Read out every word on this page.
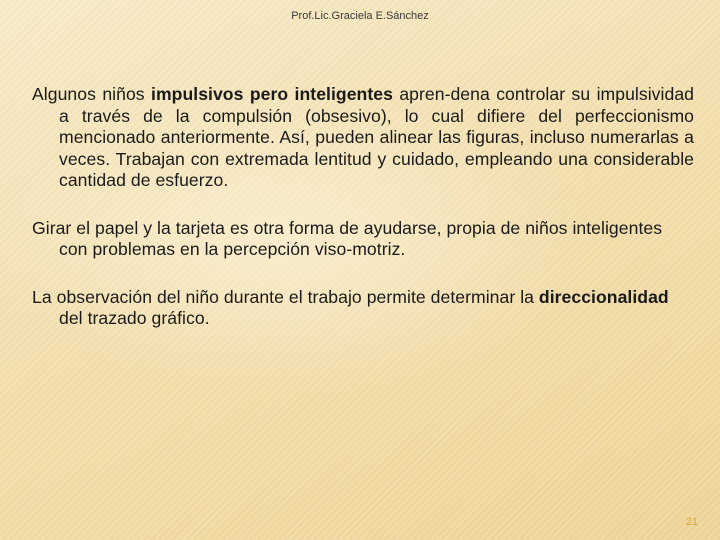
Prof.Lic.Graciela E.Sánchez

Algunos niños impulsivos pero inteligentes apren-dena controlar su impulsividad a través de la compulsión (obsesivo), lo cual difiere del perfeccionismo mencionado anteriormente. Así, pueden alinear las figuras, incluso numerarlas a veces. Trabajan con extremada lentitud y cuidado, empleando una considerable cantidad de esfuerzo.

Girar el papel y la tarjeta es otra forma de ayudarse, propia de niños inteligentes con problemas en la percepción viso-motriz.

La observación del niño durante el trabajo permite determinar la direccionalidad del trazado gráfico.

21
